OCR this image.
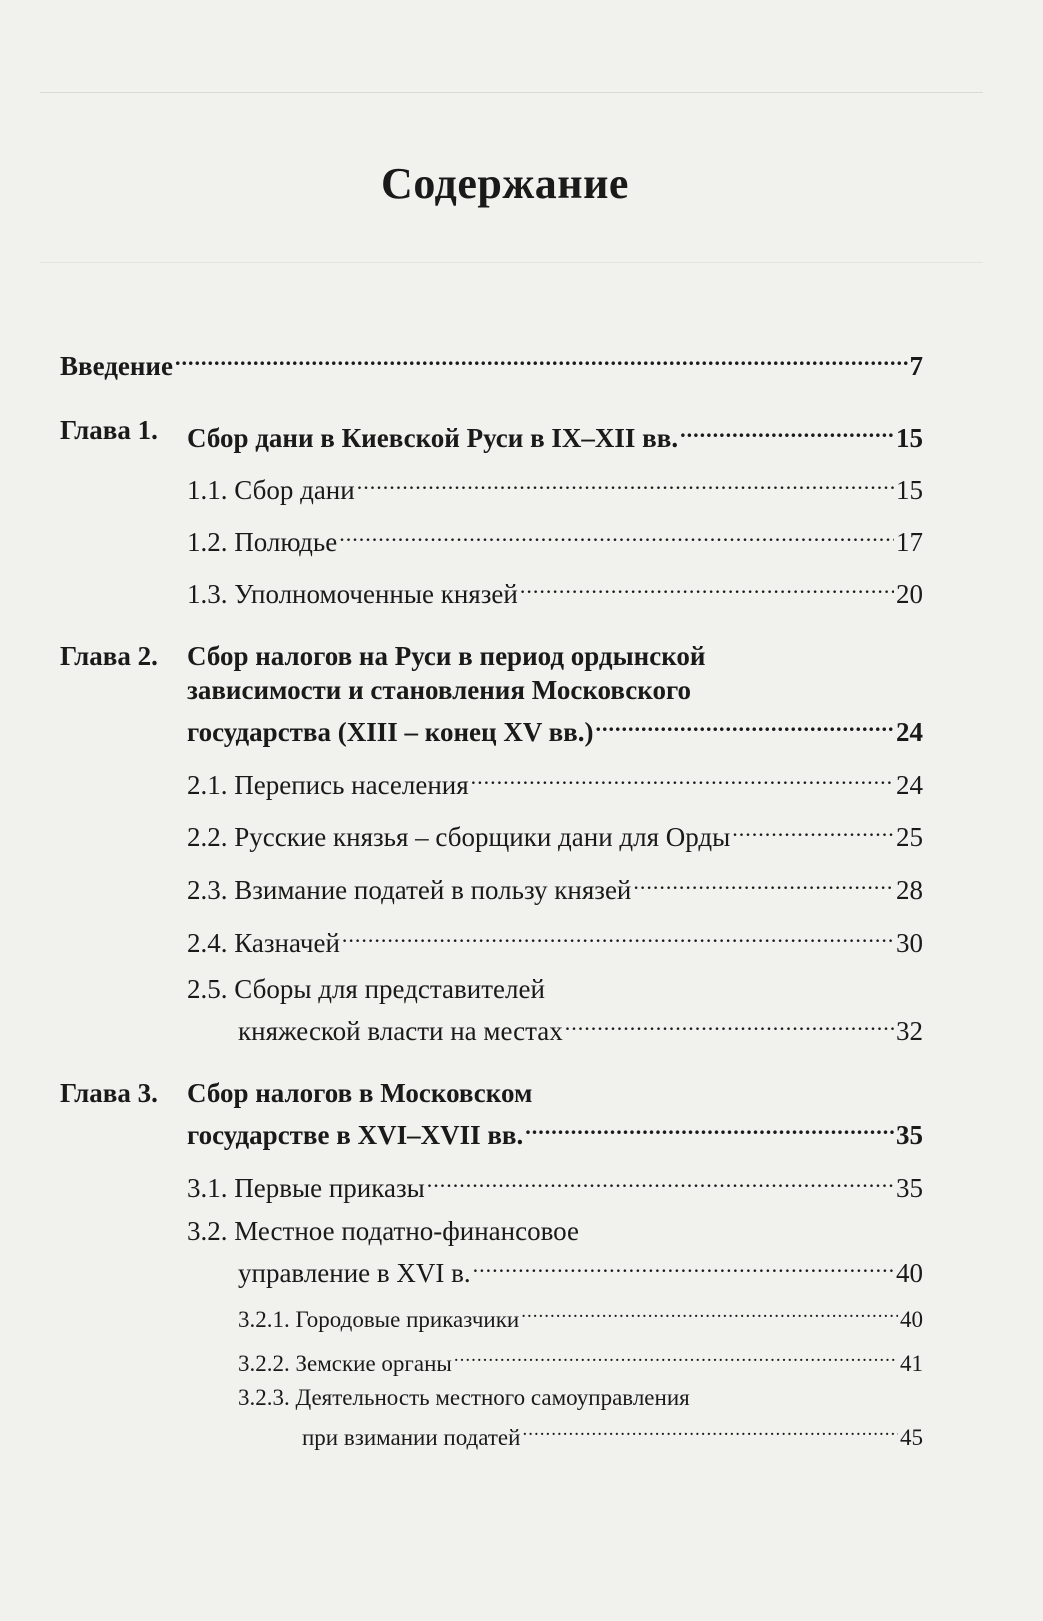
Содержание
Введение .....	7
Глава 1. Сбор дани в Киевской Руси в IX–XII вв. .....	15
1.1. Сбор дани .....	15
1.2. Полюдье .....	17
1.3. Уполномоченные князей .....	20
Глава 2. Сбор налогов на Руси в период ордынской
зависимости и становления Московского
государства (XIII – конец XV вв.) .....	24
2.1. Перепись населения .....	24
2.2. Русские князья – сборщики дани для Орды .....	25
2.3. Взимание податей в пользу князей .....	28
2.4. Казначей .....	30
2.5. Сборы для представителей
княжеской власти на местах .....	32
Глава 3. Сбор налогов в Московском
государстве в XVI–XVII вв. .....	35
3.1. Первые приказы .....	35
3.2. Местное податно-финансовое
управление в XVI в. .....	40
3.2.1. Городовые приказчики .....	40
3.2.2. Земские органы .....	41
3.2.3. Деятельность местного самоуправления
при взимании податей .....	45
